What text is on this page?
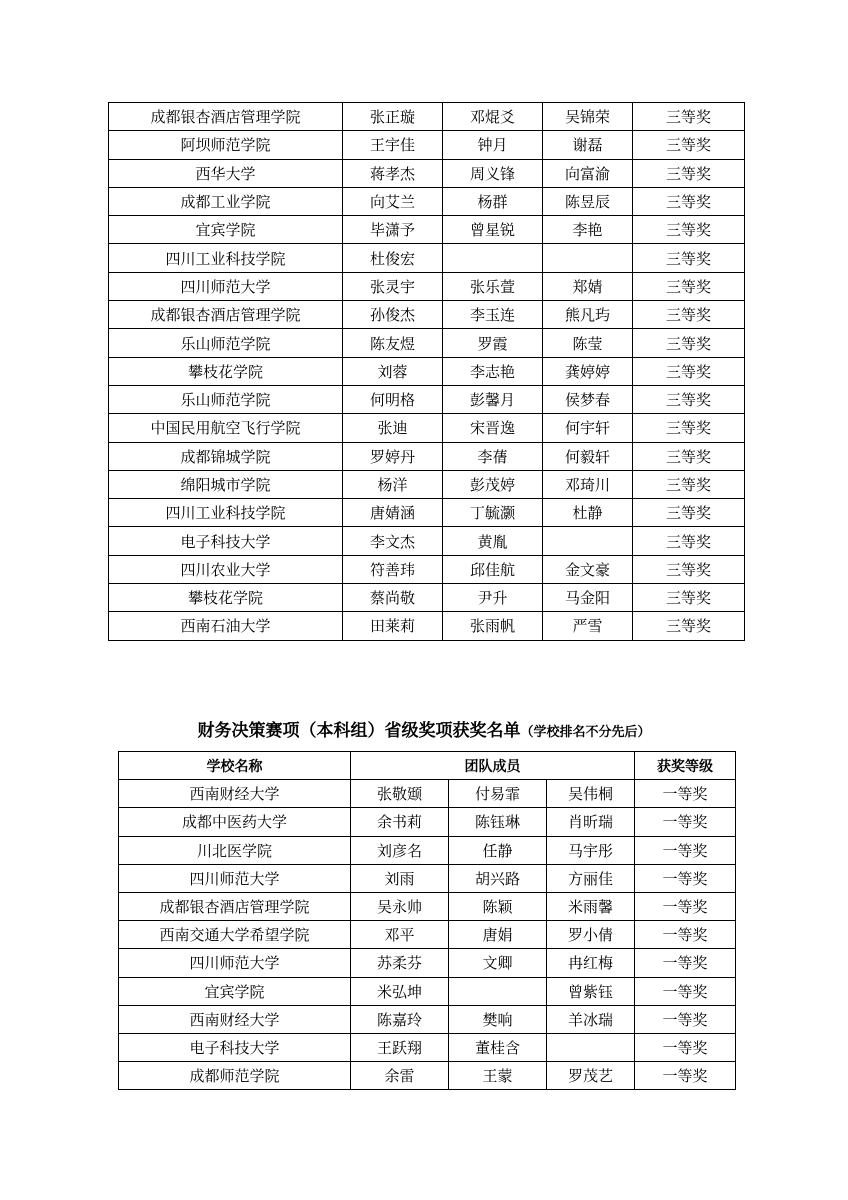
成都银杏酒店管理学院	张正璇	邓焜爻	吴锦荣	三等奖
阿坝师范学院	王宇佳	钟月	谢磊	三等奖
西华大学	蒋孝杰	周义锋	向富渝	三等奖
成都工业学院	向艾兰	杨群	陈昱辰	三等奖
宜宾学院	毕潇予	曾星锐	李艳	三等奖
四川工业科技学院	杜俊宏			三等奖
四川师范大学	张灵宇	张乐萱	郑婧	三等奖
成都银杏酒店管理学院	孙俊杰	李玉连	熊凡玙	三等奖
乐山师范学院	陈友煜	罗霞	陈莹	三等奖
攀枝花学院	刘蓉	李志艳	龚婷婷	三等奖
乐山师范学院	何明格	彭馨月	侯梦春	三等奖
中国民用航空飞行学院	张迪	宋晋逸	何宇轩	三等奖
成都锦城学院	罗婷丹	李蒨	何毅轩	三等奖
绵阳城市学院	杨洋	彭茂婷	邓琦川	三等奖
四川工业科技学院	唐婧涵	丁毓灏	杜静	三等奖
电子科技大学	李文杰	黄胤		三等奖
四川农业大学	符善玮	邱佳航	金文豪	三等奖
攀枝花学院	蔡尚敬	尹升	马金阳	三等奖
西南石油大学	田莱莉	张雨帆	严雪	三等奖
财务决策赛项（本科组）省级奖项获奖名单（学校排名不分先后）
学校名称	团队成员			获奖等级
西南财经大学	张敬颋	付易霏	吴伟桐	一等奖
成都中医药大学	余书莉	陈钰琳	肖昕瑞	一等奖
川北医学院	刘彦名	任静	马宇彤	一等奖
四川师范大学	刘雨	胡兴路	方丽佳	一等奖
成都银杏酒店管理学院	吴永帅	陈颖	米雨馨	一等奖
西南交通大学希望学院	邓平	唐娟	罗小倩	一等奖
四川师范大学	苏柔芬	文卿	冉红梅	一等奖
宜宾学院	米弘坤		曾紫钰	一等奖
西南财经大学	陈嘉玲	樊响	羊冰瑞	一等奖
电子科技大学	王跃翔	董桂含		一等奖
成都师范学院	余雷	王蒙	罗茂艺	一等奖
